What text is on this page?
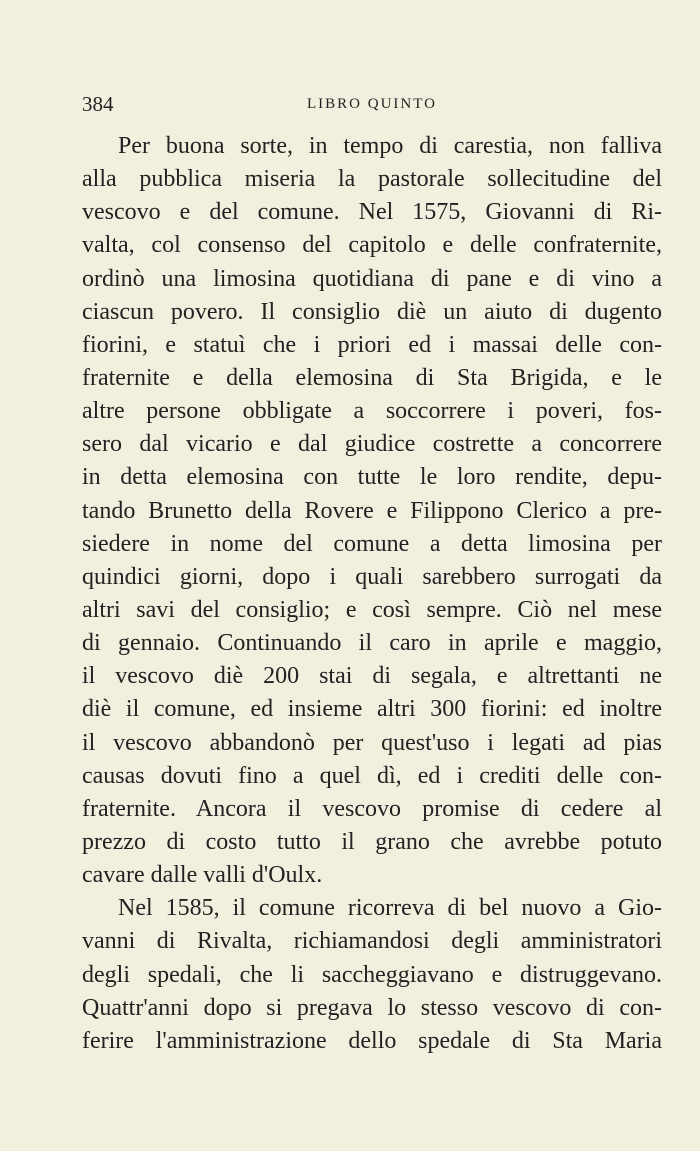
384	LIBRO QUINTO
Per buona sorte, in tempo di carestia, non falliva
alla pubblica miseria la pastorale sollecitudine del
vescovo e del comune. Nel 1575, Giovanni di Ri-
valta, col consenso del capitolo e delle confraternite,
ordinò una limosina quotidiana di pane e di vino a
ciascun povero. Il consiglio diè un aiuto di dugento
fiorini, e statuì che i priori ed i massai delle con-
fraternite e della elemosina di Sta Brigida, e le
altre persone obbligate a soccorrere i poveri, fos-
sero dal vicario e dal giudice costrette a concorrere
in detta elemosina con tutte le loro rendite, depu-
tando Brunetto della Rovere e Filippono Clerico a pre-
siedere in nome del comune a detta limosina per
quindici giorni, dopo i quali sarebbero surrogati da
altri savi del consiglio; e così sempre. Ciò nel mese
di gennaio. Continuando il caro in aprile e maggio,
il vescovo diè 200 stai di segala, e altrettanti ne
diè il comune, ed insieme altri 300 fiorini: ed inoltre
il vescovo abbandonò per quest'uso i legati ad pias
causas dovuti fino a quel dì, ed i crediti delle con-
fraternite. Ancora il vescovo promise di cedere al
prezzo di costo tutto il grano che avrebbe potuto
cavare dalle valli d'Oulx.
Nel 1585, il comune ricorreva di bel nuovo a Gio-
vanni di Rivalta, richiamandosi degli amministratori
degli spedali, che li saccheggiavano e distruggevano.
Quattr'anni dopo si pregava lo stesso vescovo di con-
ferire l'amministrazione dello spedale di Sta Maria
